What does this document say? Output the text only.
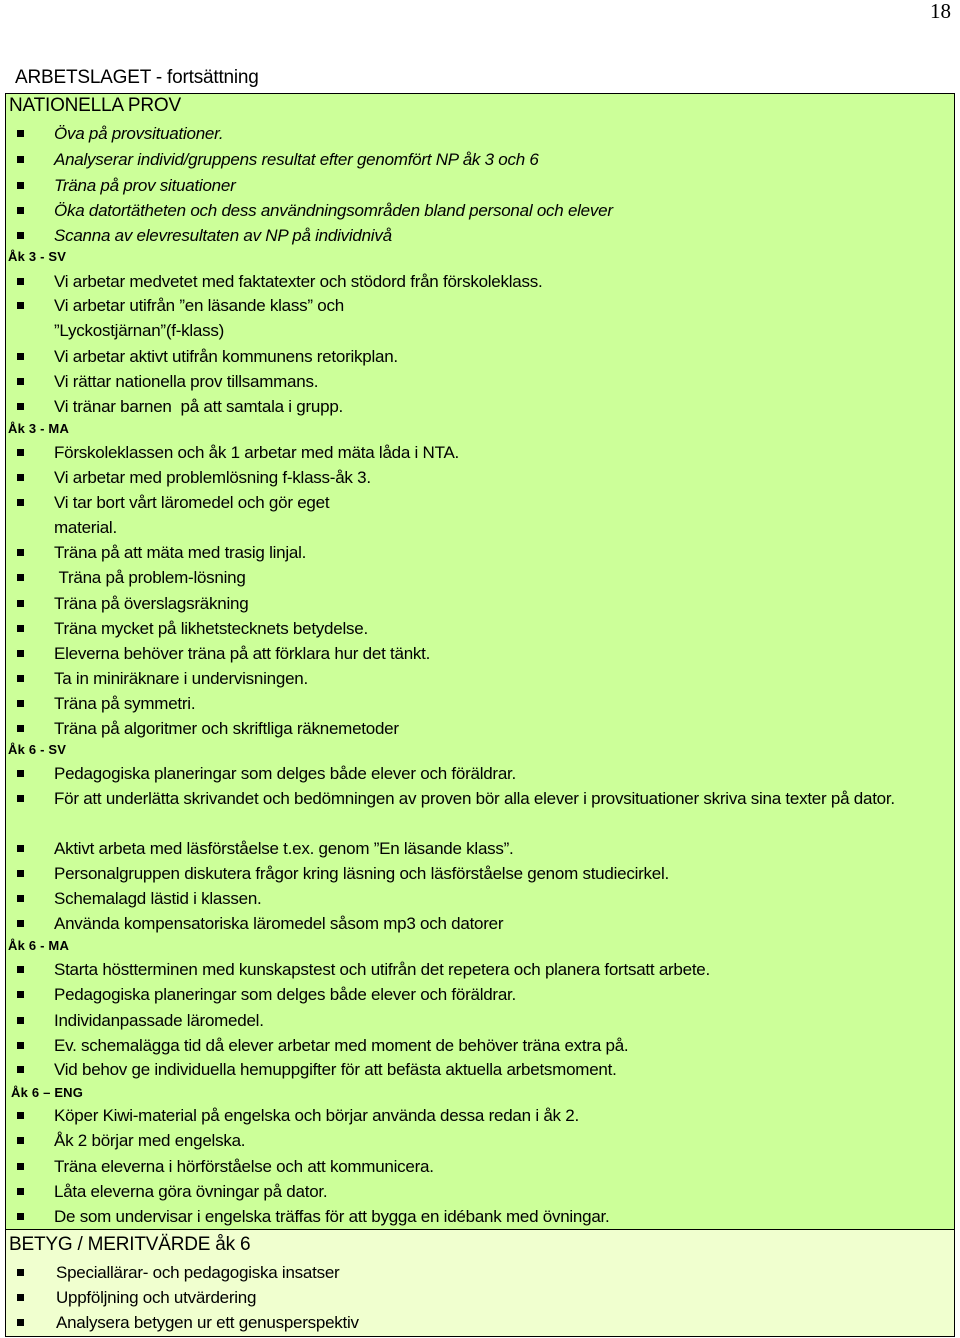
18
ARBETSLAGET - fortsättning
NATIONELLA PROV
Öva på provsituationer.
Analyserar individ/gruppens resultat efter genomfört NP åk 3 och 6
Träna på prov situationer
Öka datortätheten och dess användningsområden bland personal och elever
Scanna av elevresultaten av NP på individnivå
Åk 3 - SV
Vi arbetar medvetet med faktatexter och stödord från förskoleklass.
Vi arbetar utifrån ”en läsande klass” och
”Lyckostjärnan”(f-klass)
Vi arbetar aktivt utifrån kommunens retorikplan.
Vi rättar nationella prov tillsammans.
Vi tränar barnen  på att samtala i grupp.
Åk 3 - MA
Förskoleklassen och åk 1 arbetar med mäta låda i NTA.
Vi arbetar med problemlösning f-klass-åk 3.
Vi tar bort vårt läromedel och gör eget
material.
Träna på att mäta med trasig linjal.
Träna på problem-lösning
Träna på överslagsräkning
Träna mycket på likhetstecknets betydelse.
Eleverna behöver träna på att förklara hur det tänkt.
Ta in miniräknare i undervisningen.
Träna på symmetri.
Träna på algoritmer och skriftliga räknemetoder
Åk 6 - SV
Pedagogiska planeringar som delges både elever och föräldrar.
För att underlätta skrivandet och bedömningen av proven bör alla elever i provsituationer skriva sina texter på dator.
Aktivt arbeta med läsförståelse t.ex. genom ”En läsande klass”.
Personalgruppen diskutera frågor kring läsning och läsförståelse genom studiecirkel.
Schemalagd lästid i klassen.
Använda kompensatoriska läromedel såsom mp3 och datorer
Åk 6 - MA
Starta höstterminen med kunskapstest och utifrån det repetera och planera fortsatt arbete.
Pedagogiska planeringar som delges både elever och föräldrar.
Individanpassade läromedel.
Ev. schemalägga tid då elever arbetar med moment de behöver träna extra på.
Vid behov ge individuella hemuppgifter för att befästa aktuella arbetsmoment.
Åk 6 – ENG
Köper Kiwi-material på engelska och börjar använda dessa redan i åk 2.
Åk 2 börjar med engelska.
Träna eleverna i hörförståelse och att kommunicera.
Låta eleverna göra övningar på dator.
De som undervisar i engelska träffas för att bygga en idébank med övningar.
BETYG / MERITVÄRDE åk 6
Speciallärar- och pedagogiska insatser
Uppföljning och utvärdering
Analysera betygen ur ett genusperspektiv
